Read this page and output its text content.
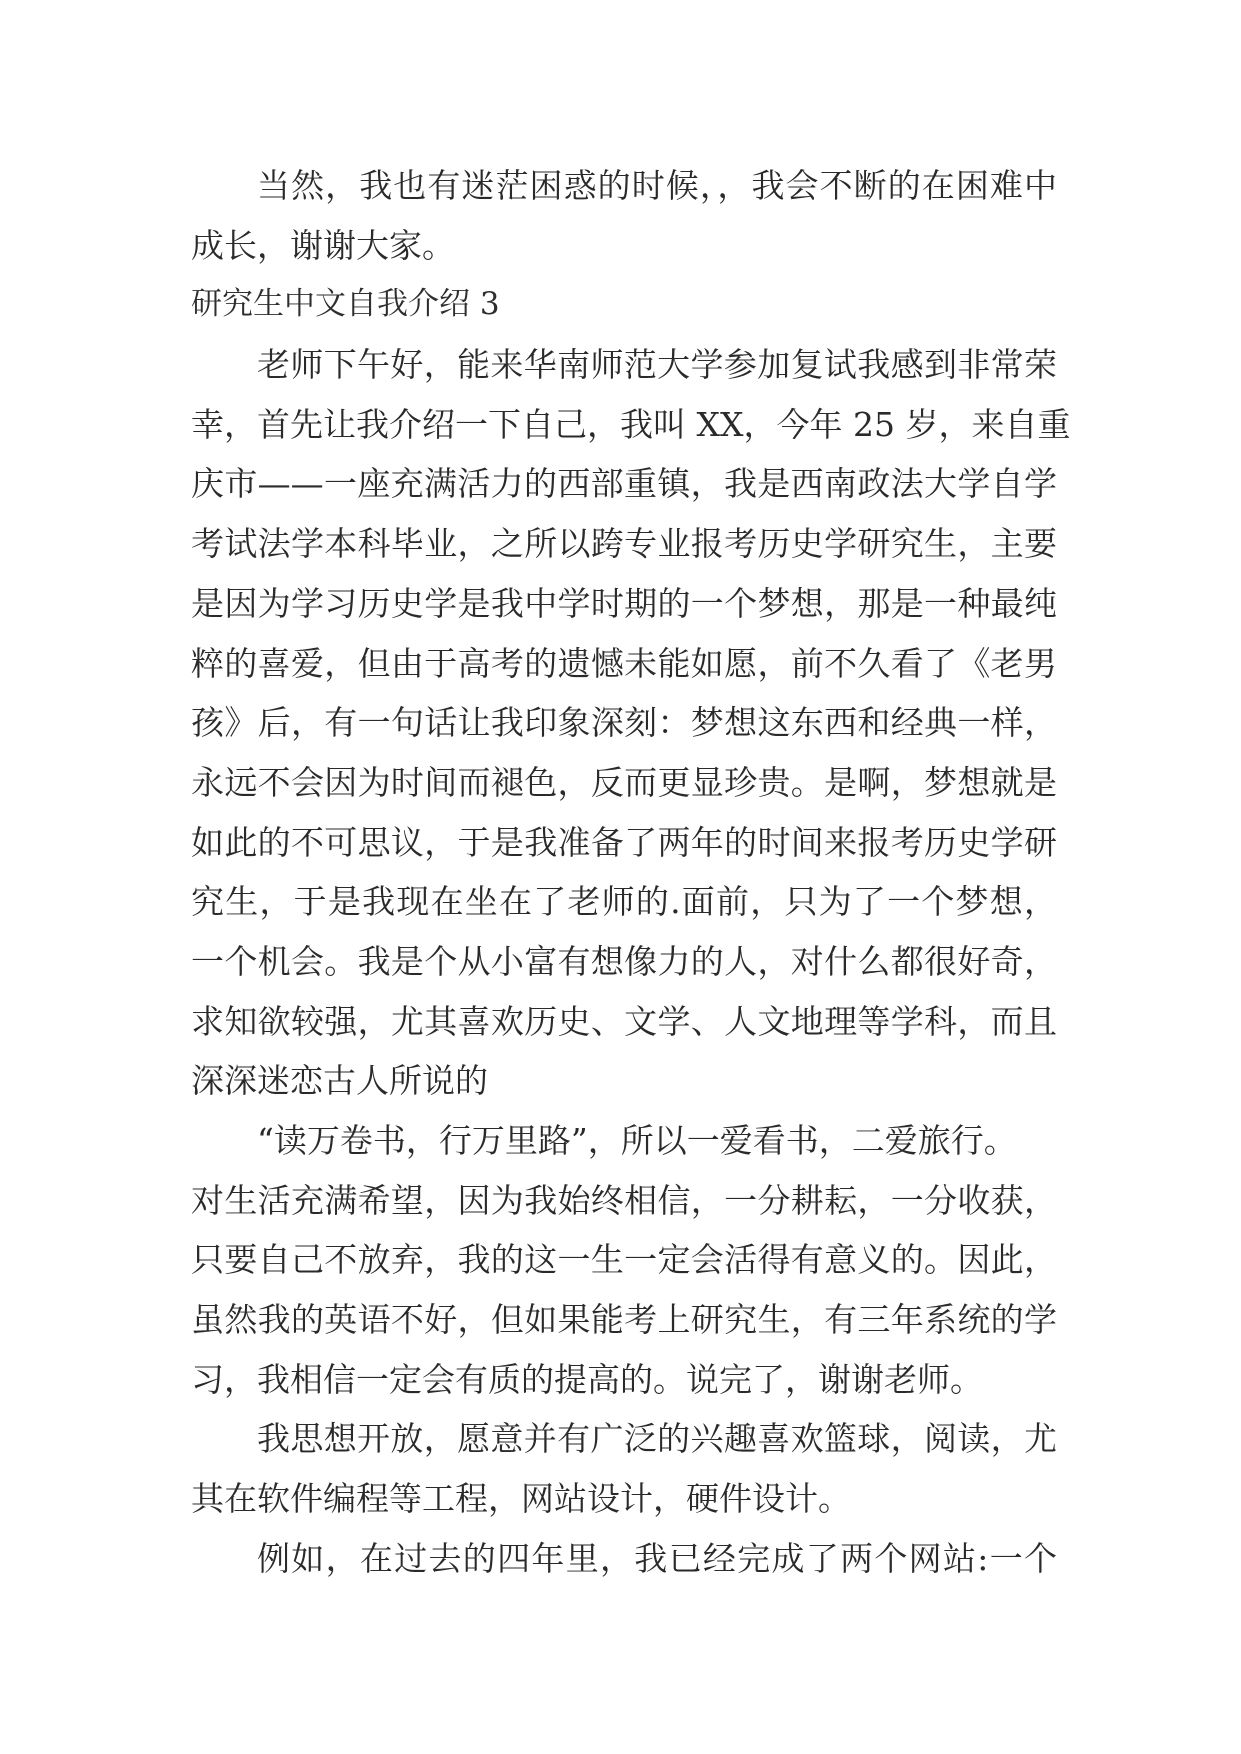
当然，我也有迷茫困惑的时候，，我会不断的在困难中
成长，谢谢大家。
研究生中文自我介绍 3
老师下午好，能来华南师范大学参加复试我感到非常荣
幸，首先让我介绍一下自己，我叫 XX，今年 25 岁，来自重
庆市——一座充满活力的西部重镇，我是西南政法大学自学
考试法学本科毕业，之所以跨专业报考历史学研究生，主要
是因为学习历史学是我中学时期的一个梦想，那是一种最纯
粹的喜爱，但由于高考的遗憾未能如愿，前不久看了《老男
孩》后，有一句话让我印象深刻：梦想这东西和经典一样，
永远不会因为时间而褪色，反而更显珍贵。是啊，梦想就是
如此的不可思议，于是我准备了两年的时间来报考历史学研
究生，于是我现在坐在了老师的.面前，只为了一个梦想，
一个机会。我是个从小富有想像力的人，对什么都很好奇，
求知欲较强，尤其喜欢历史、文学、人文地理等学科，而且
深深迷恋古人所说的
“读万卷书，行万里路”，所以一爱看书，二爱旅行。
对生活充满希望，因为我始终相信，一分耕耘，一分收获，
只要自己不放弃，我的这一生一定会活得有意义的。因此，
虽然我的英语不好，但如果能考上研究生，有三年系统的学
习，我相信一定会有质的提高的。说完了，谢谢老师。
我思想开放，愿意并有广泛的兴趣喜欢篮球，阅读，尤
其在软件编程等工程，网站设计，硬件设计。
例如，在过去的四年里，我已经完成了两个网站:一个
